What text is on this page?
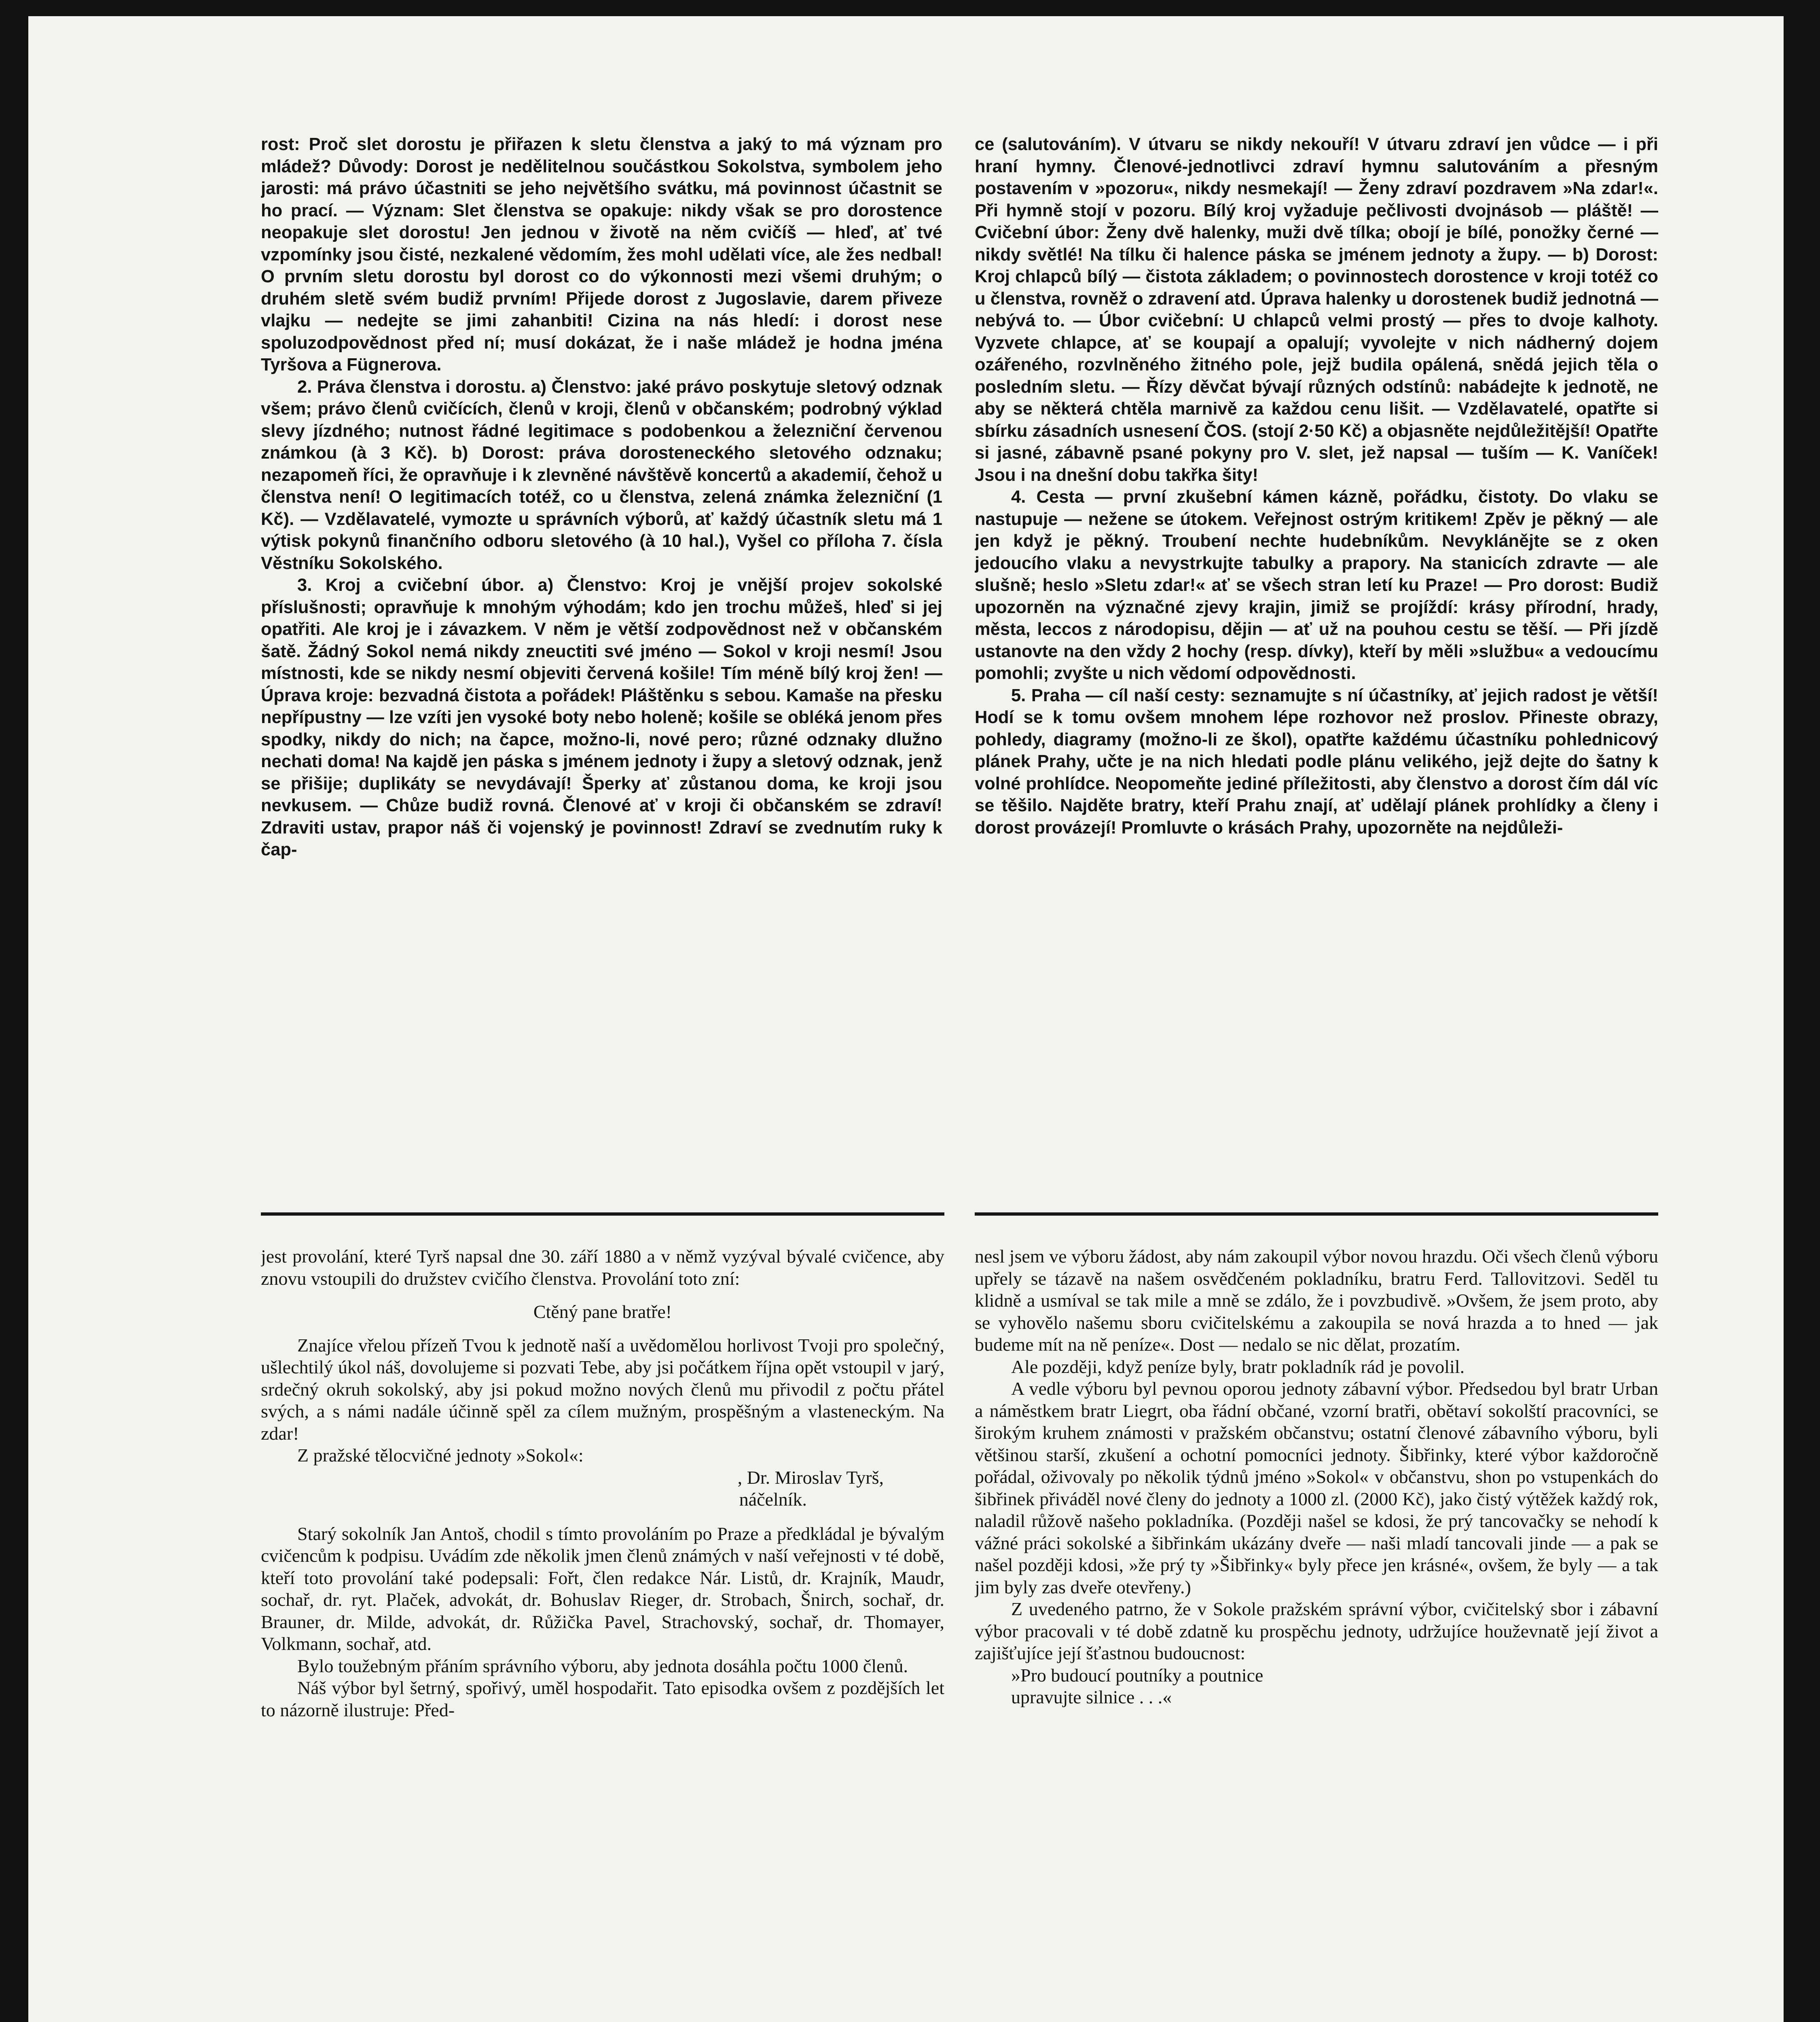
rost: Proč slet dorostu je přiřazen k sletu členstva a jaký to má význam pro mládež? Důvody: Dorost je nedělitelnou součástkou Sokolstva, symbolem jeho jarosti: má právo účastniti se jeho největšího svátku, má povinnost účastnit se ho prací. — Význam: Slet členstva se opakuje: nikdy však se pro dorostence neopakuje slet dorostu! Jen jednou v životě na něm cvičíš — hleď, ať tvé vzpomínky jsou čisté, nezkalené vědomím, žes mohl udělati více, ale žes nedbal! O prvním sletu dorostu byl dorost co do výkonnosti mezi všemi druhým; o druhém sletě svém budiž prvním! Přijede dorost z Jugoslavie, darem přiveze vlajku — nedejte se jimi zahanbiti! Cizina na nás hledí: i dorost nese spoluzodpovědnost před ní; musí dokázat, že i naše mládež je hodna jména Tyršova a Fügnerova.

2. Práva členstva i dorostu. a) Členstvo: jaké právo poskytuje sletový odznak všem; právo členů cvičících, členů v kroji, členů v občanském; podrobný výklad slevy jízdného; nutnost řádné legitimace s podobenkou a železniční červenou známkou (à 3 Kč). b) Dorost: práva dorosteneckého sletového odznaku; nezapomeň říci, že opravňuje i k zlevněné návštěvě koncertů a akademií, čehož u členstva není! O legitimacích totéž, co u členstva, zelená známka železniční (1 Kč). — Vzdělavatelé, vymozte u správních výborů, ať každý účastník sletu má 1 výtisk pokynů finančního odboru sletového (à 10 hal.), Vyšel co příloha 7. čísla Věstníku Sokolského.

3. Kroj a cvičební úbor. a) Členstvo: Kroj je vnější projev sokolské příslušnosti; opravňuje k mnohým výhodám; kdo jen trochu můžeš, hleď si jej opatřiti. Ale kroj je i závazkem. V něm je větší zodpovědnost než v občanském šatě. Žádný Sokol nemá nikdy zneuctiti své jméno — Sokol v kroji nesmí! Jsou místnosti, kde se nikdy nesmí objeviti červená košile! Tím méně bílý kroj žen! — Úprava kroje: bezvadná čistota a pořádek! Pláštěnku s sebou. Kamaše na přesku nepřípustny — lze vzíti jen vysoké boty nebo holeně; košile se obléká jenom přes spodky, nikdy do nich; na čapce, možno-li, nové pero; různé odznaky dlužno nechati doma! Na kajdě jen páska s jménem jednoty i župy a sletový odznak, jenž se přišije; duplikáty se nevydávají! Šperky ať zůstanou doma, ke kroji jsou nevkusem. — Chůze budiž rovná. Členové ať v kroji či občanském se zdraví! Zdraviti ustav, prapor náš či vojenský je povinnost! Zdraví se zvednutím ruky k čap-

ce (salutováním). V útvaru se nikdy nekouří! V útvaru zdraví jen vůdce — i při hraní hymny. Členové-jednotlivci zdraví hymnu salutováním a přesným postavením v »pozoru«, nikdy nesmekají! — Ženy zdraví pozdravem »Na zdar!«. Při hymně stojí v pozoru. Bílý kroj vyžaduje pečlivosti dvojnásob — pláště! — Cvičební úbor: Ženy dvě halenky, muži dvě tílka; obojí je bílé, ponožky černé — nikdy světlé! Na tílku či halence páska se jménem jednoty a župy. — b) Dorost: Kroj chlapců bílý — čistota základem; o povinnostech dorostence v kroji totéž co u členstva, rovněž o zdravení atd. Úprava halenky u dorostenek budiž jednotná — nebývá to. — Úbor cvičební: U chlapců velmi prostý — přes to dvoje kalhoty. Vyzvete chlapce, ať se koupají a opalují; vyvolejte v nich nádherný dojem ozářeného, rozvlněného žitného pole, jejž budila opálená, snědá jejich těla o posledním sletu. — Řízy děvčat bývají různých odstínů: nabádejte k jednotě, ne aby se některá chtěla marnivě za každou cenu lišit. — Vzdělavatelé, opatřte si sbírku zásadních usnesení ČOS. (stojí 2·50 Kč) a objasněte nejdůležitější! Opatřte si jasné, zábavně psané pokyny pro V. slet, jež napsal — tuším — K. Vaníček! Jsou i na dnešní dobu takřka šity!

4. Cesta — první zkušební kámen kázně, pořádku, čistoty. Do vlaku se nastupuje — nežene se útokem. Veřejnost ostrým kritikem! Zpěv je pěkný — ale jen když je pěkný. Troubení nechte hudebníkům. Nevyklánějte se z oken jedoucího vlaku a nevystrkujte tabulky a prapory. Na stanicích zdravte — ale slušně; heslo »Sletu zdar!« ať se všech stran letí ku Praze! — Pro dorost: Budiž upozorněn na význačné zjevy krajin, jimiž se projíždí: krásy přírodní, hrady, města, leccos z národopisu, dějin — ať už na pouhou cestu se těší. — Při jízdě ustanovte na den vždy 2 hochy (resp. dívky), kteří by měli »službu« a vedoucímu pomohli; zvyšte u nich vědomí odpovědnosti.

5. Praha — cíl naší cesty: seznamujte s ní účastníky, ať jejich radost je větší! Hodí se k tomu ovšem mnohem lépe rozhovor než proslov. Přineste obrazy, pohledy, diagramy (možno-li ze škol), opatřte každému účastníku pohlednicový plánek Prahy, učte je na nich hledati podle plánu velikého, jejž dejte do šatny k volné prohlídce. Neopomeňte jediné příležitosti, aby členstvo a dorost čím dál víc se těšilo. Najděte bratry, kteří Prahu znají, ať udělají plánek prohlídky a členy i dorost provázejí! Promluvte o krásách Prahy, upozorněte na nejdůleži-

jest provolání, které Tyrš napsal dne 30. září 1880 a v němž vyzýval bývalé cvičence, aby znovu vstoupili do družstev cvičího členstva. Provolání toto zní:

Ctěný pane bratře!

Znajíce vřelou přízeň Tvou k jednotě naší a uvědomělou horlivost Tvoji pro společný, ušlechtilý úkol náš, dovolujeme si pozvati Tebe, aby jsi počátkem října opět vstoupil v jarý, srdečný okruh sokolský, aby jsi pokud možno nových členů mu přivodil z počtu přátel svých, a s námi nadále účinně spěl za cílem mužným, prospěšným a vlasteneckým. Na zdar!

Z pražské tělocvičné jednoty »Sokol«:

, Dr. Miroslav Tyrš,

náčelník.

Starý sokolník Jan Antoš, chodil s tímto provoláním po Praze a předkládal je bývalým cvičencům k podpisu. Uvádím zde několik jmen členů známých v naší veřejnosti v té době, kteří toto provolání také podepsali: Fořt, člen redakce Nár. Listů, dr. Krajník, Maudr, sochař, dr. ryt. Plaček, advokát, dr. Bohuslav Rieger, dr. Strobach, Šnirch, sochař, dr. Brauner, dr. Milde, advokát, dr. Růžička Pavel, Strachovský, sochař, dr. Thomayer, Volkmann, sochař, atd.

Bylo toužebným přáním správního výboru, aby jednota dosáhla počtu 1000 členů.

Náš výbor byl šetrný, spořivý, uměl hospodařit. Tato episodka ovšem z pozdějších let to názorně ilustruje: Před-

nesl jsem ve výboru žádost, aby nám zakoupil výbor novou hrazdu. Oči všech členů výboru upřely se tázavě na našem osvědčeném pokladníku, bratru Ferd. Tallovitzovi. Seděl tu klidně a usmíval se tak mile a mně se zdálo, že i povzbudivě. »Ovšem, že jsem proto, aby se vyhovělo našemu sboru cvičitelskému a zakoupila se nová hrazda a to hned — jak budeme mít na ně peníze«. Dost — nedalo se nic dělat, prozatím.

Ale později, když peníze byly, bratr pokladník rád je povolil.

A vedle výboru byl pevnou oporou jednoty zábavní výbor. Předsedou byl bratr Urban a náměstkem bratr Liegrt, oba řádní občané, vzorní bratři, obětaví sokolští pracovníci, se širokým kruhem známosti v pražském občanstvu; ostatní členové zábavního výboru, byli většinou starší, zkušení a ochotní pomocníci jednoty. Šibřinky, které výbor každoročně pořádal, oživovaly po několik týdnů jméno »Sokol« v občanstvu, shon po vstupenkách do šibřinek přiváděl nové členy do jednoty a 1000 zl. (2000 Kč), jako čistý výtěžek každý rok, naladil růžově našeho pokladníka. (Později našel se kdosi, že prý tancovačky se nehodí k vážné práci sokolské a šibřinkám ukázány dveře — naši mladí tancovali jinde — a pak se našel později kdosi, »že prý ty »Šibřinky« byly přece jen krásné«, ovšem, že byly — a tak jim byly zas dveře otevřeny.)

Z uvedeného patrno, že v Sokole pražském správní výbor, cvičitelský sbor i zábavní výbor pracovali v té době zdatně ku prospěchu jednoty, udržujíce houževnatě její život a zajišťujíce její šťastnou budoucnost:

»Pro budoucí poutníky a poutnice

upravujte silnice . . .«
